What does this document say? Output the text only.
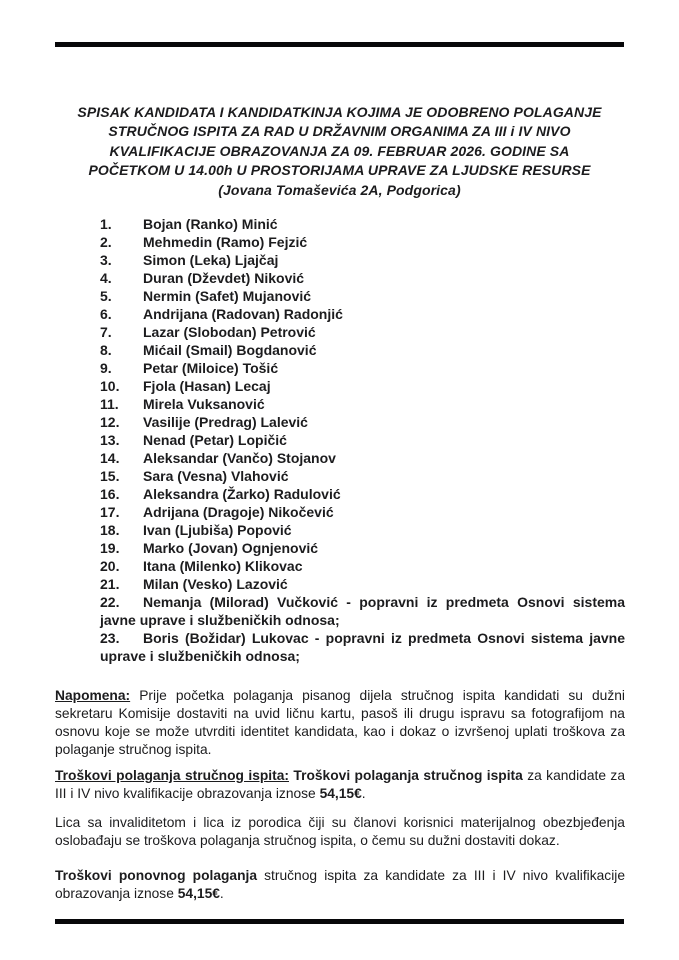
SPISAK KANDIDATA I KANDIDATKINJA KOJIMA JE ODOBRENO POLAGANJE STRUČNOG ISPITA ZA RAD U DRŽAVNIM ORGANIMA ZA III i IV NIVO KVALIFIKACIJE OBRAZOVANJA ZA 09. FEBRUAR 2026. GODINE SA POČETKOM U 14.00h U PROSTORIJAMA UPRAVE ZA LJUDSKE RESURSE (Jovana Tomaševića 2A, Podgorica)
1.	Bojan (Ranko) Minić
2.	Mehmedin (Ramo) Fejzić
3.	Simon (Leka) Ljajčaj
4.	Duran (Dževdet) Niković
5.	Nermin (Safet) Mujanović
6.	Andrijana (Radovan) Radonjić
7.	Lazar (Slobodan) Petrović
8.	Mićail (Smail) Bogdanović
9.	Petar (Miloice) Tošić
10.	Fjola (Hasan) Lecaj
11.	Mirela Vuksanović
12.	Vasilije (Predrag) Lalević
13.	Nenad (Petar) Lopičić
14.	Aleksandar (Vančo) Stojanov
15.	Sara (Vesna) Vlahović
16.	Aleksandra (Žarko) Radulović
17.	Adrijana (Dragoje) Nikočević
18.	Ivan (Ljubiša) Popović
19.	Marko (Jovan) Ognjenović
20.	Itana (Milenko) Klikovac
21.	Milan (Vesko) Lazović
22. Nemanja (Milorad) Vučković - popravni iz predmeta Osnovi sistema javne uprave i službeničkih odnosa;
23. Boris (Božidar) Lukovac - popravni iz predmeta Osnovi sistema javne uprave i službeničkih odnosa;
Napomena: Prije početka polaganja pisanog dijela stručnog ispita kandidati su dužni sekretaru Komisije dostaviti na uvid ličnu kartu, pasoš ili drugu ispravu sa fotografijom na osnovu koje se može utvrditi identitet kandidata, kao i dokaz o izvršenoj uplati troškova za polaganje stručnog ispita.
Troškovi polaganja stručnog ispita: Troškovi polaganja stručnog ispita za kandidate za III i IV nivo kvalifikacije obrazovanja iznose 54,15€.
Lica sa invaliditetom i lica iz porodica čiji su članovi korisnici materijalnog obezbjeđenja oslobađaju se troškova polaganja stručnog ispita, o čemu su dužni dostaviti dokaz.
Troškovi ponovnog polaganja stručnog ispita za kandidate za III i IV nivo kvalifikacije obrazovanja iznose 54,15€.
